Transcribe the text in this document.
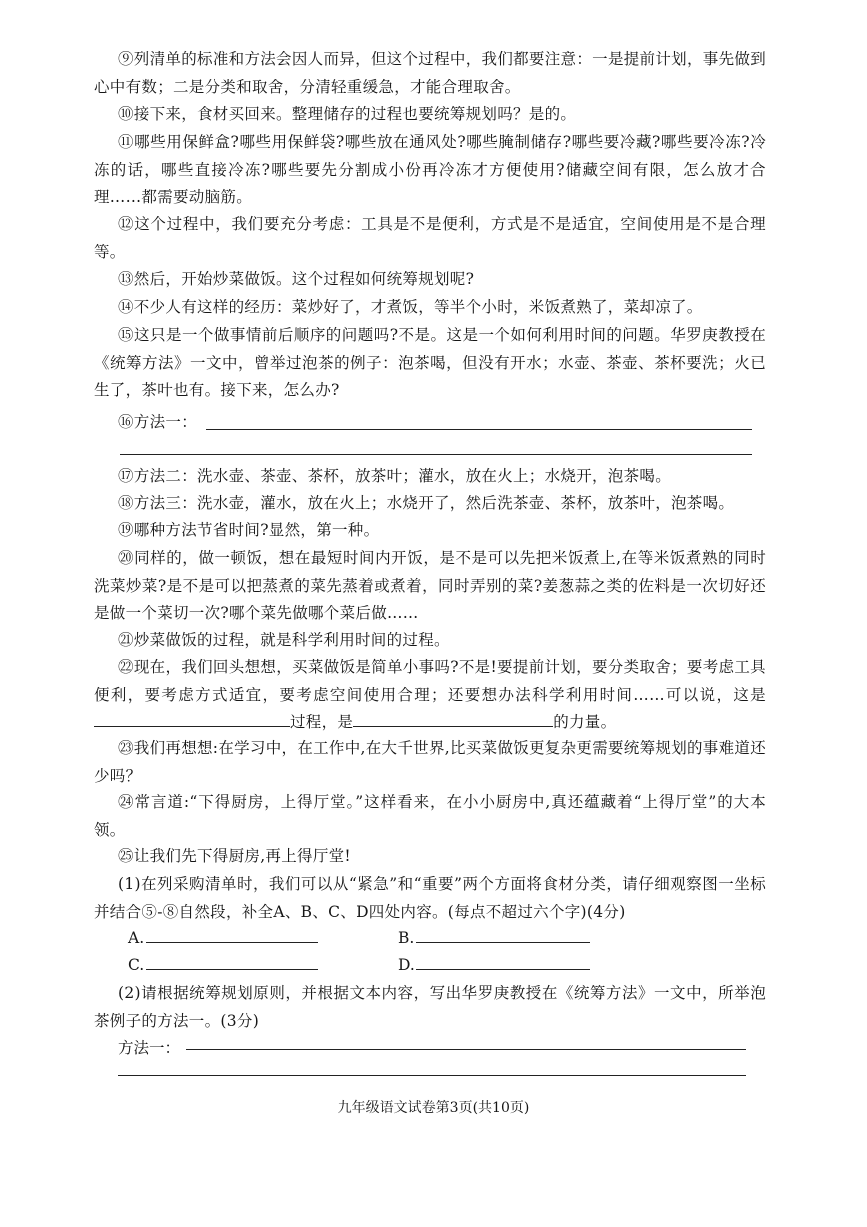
⑨列清单的标准和方法会因人而异，但这个过程中，我们都要注意：一是提前计划，事先做到心中有数；二是分类和取舍，分清轻重缓急，才能合理取舍。

⑩接下来，食材买回来。整理储存的过程也要统筹规划吗？是的。

⑪哪些用保鲜盒?哪些用保鲜袋?哪些放在通风处?哪些腌制储存?哪些要冷藏?哪些要冷冻?冷冻的话，哪些直接冷冻?哪些要先分割成小份再冷冻才方便使用?储藏空间有限，怎么放才合理……都需要动脑筋。

⑫这个过程中，我们要充分考虑：工具是不是便利，方式是不是适宜，空间使用是不是合理等。

⑬然后，开始炒菜做饭。这个过程如何统筹规划呢?

⑭不少人有这样的经历：菜炒好了，才煮饭，等半个小时，米饭煮熟了，菜却凉了。

⑮这只是一个做事情前后顺序的问题吗?不是。这是一个如何利用时间的问题。华罗庚教授在《统筹方法》一文中，曾举过泡茶的例子：泡茶喝，但没有开水；水壶、茶壶、茶杯要洗；火已生了，茶叶也有。接下来，怎么办?

⑯方法一：

⑰方法二：洗水壶、茶壶、茶杯，放茶叶；灌水，放在火上；水烧开，泡茶喝。

⑱方法三：洗水壶，灌水，放在火上；水烧开了，然后洗茶壶、茶杯，放茶叶，泡茶喝。

⑲哪种方法节省时间?显然，第一种。

⑳同样的，做一顿饭，想在最短时间内开饭，是不是可以先把米饭煮上,在等米饭煮熟的同时洗菜炒菜?是不是可以把蒸煮的菜先蒸着或煮着，同时弄别的菜?姜葱蒜之类的佐料是一次切好还是做一个菜切一次?哪个菜先做哪个菜后做……

㉑炒菜做饭的过程，就是科学利用时间的过程。

㉒现在，我们回头想想，买菜做饭是简单小事吗?不是!要提前计划，要分类取舍；要考虑工具便利，要考虑方式适宜，要考虑空间使用合理；还要想办法科学利用时间……可以说，这是过程，是	的力量。

㉓我们再想想:在学习中，在工作中,在大千世界,比买菜做饭更复杂更需要统筹规划的事难道还少吗？

㉔常言道:“下得厨房，上得厅堂。”这样看来，在小小厨房中,真还蕴藏着“上得厅堂”的大本领。

㉕让我们先下得厨房,再上得厅堂!

(1)在列采购清单时，我们可以从“紧急”和“重要”两个方面将食材分类，请仔细观察图一坐标并结合⑤-⑧自然段，补全A、B、C、D四处内容。(每点不超过六个字)(4分)

A.	B.
C.	D.

(2)请根据统筹规划原则，并根据文本内容，写出华罗庚教授在《统筹方法》一文中，所举泡茶例子的方法一。(3分)

方法一：
九年级语文试卷第3页(共10页)
